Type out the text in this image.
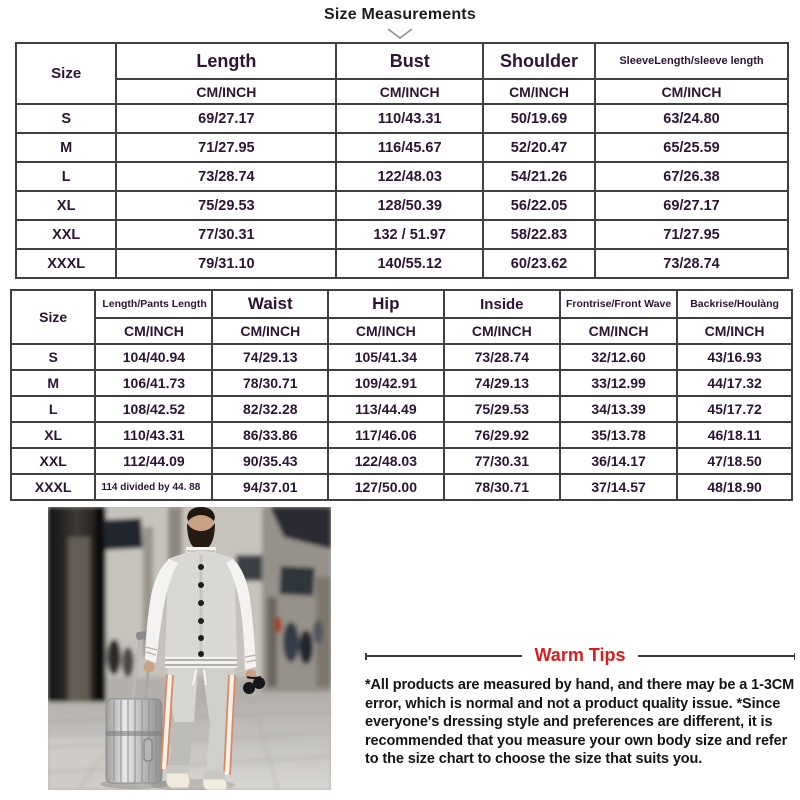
Size Measurements
Size	Length	Bust	Shoulder	SleeveLength/sleeve length
	CM/INCH	CM/INCH	CM/INCH	CM/INCH
S	69/27.17	110/43.31	50/19.69	63/24.80
M	71/27.95	116/45.67	52/20.47	65/25.59
L	73/28.74	122/48.03	54/21.26	67/26.38
XL	75/29.53	128/50.39	56/22.05	69/27.17
XXL	77/30.31	132 / 51.97	58/22.83	71/27.95
XXXL	79/31.10	140/55.12	60/23.62	73/28.74
Size	Length/Pants Length	Waist	Hip	Inside	Frontrise/Front Wave	Backrise/Houlàng
	CM/INCH	CM/INCH	CM/INCH	CM/INCH	CM/INCH	CM/INCH
S	104/40.94	74/29.13	105/41.34	73/28.74	32/12.60	43/16.93
M	106/41.73	78/30.71	109/42.91	74/29.13	33/12.99	44/17.32
L	108/42.52	82/32.28	113/44.49	75/29.53	34/13.39	45/17.72
XL	110/43.31	86/33.86	117/46.06	76/29.92	35/13.78	46/18.11
XXL	112/44.09	90/35.43	122/48.03	77/30.31	36/14.17	47/18.50
XXXL	114 divided by 44. 88	94/37.01	127/50.00	78/30.71	37/14.57	48/18.90
Warm Tips
*All products are measured by hand, and there may be a 1-3CM error, which is normal and not a product quality issue. *Since everyone's dressing style and preferences are different, it is recommended that you measure your own body size and refer to the size chart to choose the size that suits you.
